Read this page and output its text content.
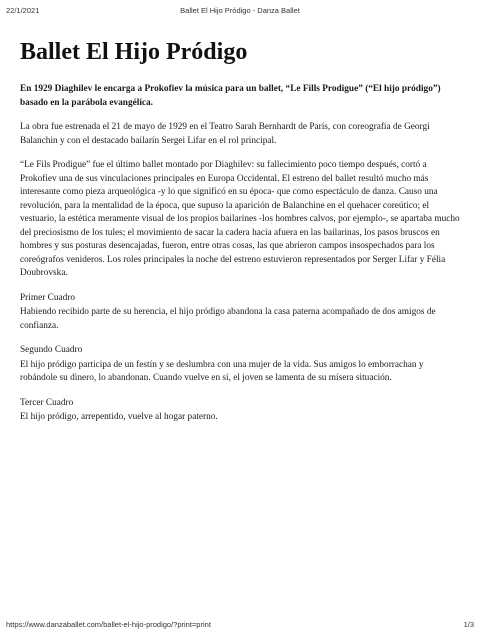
22/1/2021	Ballet El Hijo Pródigo - Danza Ballet
Ballet El Hijo Pródigo

En 1929 Diaghilev le encarga a Prokofiev la música para un ballet, “Le Fills Prodigue” (“El hijo pródigo”) basado en la parábola evangélica.

La obra fue estrenada el 21 de mayo de 1929 en el Teatro Sarah Bernhardt de París, con coreografía de Georgi Balanchin y con el destacado bailarín Sergei Lifar en el rol principal.

“Le Fils Prodigue” fue el último ballet montado por Diaghilev: su fallecimiento poco tiempo después, cortó a Prokofiev una de sus vinculaciones principales en Europa Occidental. El estreno del ballet resultó mucho más interesante como pieza arqueológica -y lo que significó en su época- que como espectáculo de danza. Causo una revolución, para la mentalidad de la época, que supuso la aparición de Balanchine en el quehacer coreútico; el vestuario, la estética meramente visual de los propios bailarines -los hombres calvos, por ejemplo-, se apartaba mucho del preciosismo de los tules; el movimiento de sacar la cadera hacia afuera en las bailarinas, los pasos bruscos en hombres y sus posturas desencajadas, fueron, entre otras cosas, las que abrieron campos insospechados para los coreógrafos venideros. Los roles principales la noche del estreno estuvieron representados por Serger Lifar y Félia Doubrovska.

Primer Cuadro

Habiendo recibido parte de su herencia, el hijo pródigo abandona la casa paterna acompañado de dos amigos de confianza.

Segundo Cuadro

El hijo pródigo participa de un festín y se deslumbra con una mujer de la vida. Sus amigos lo emborrachan y robándole su dinero, lo abandonan. Cuando vuelve en sí, el joven se lamenta de su mísera situación.

Tercer Cuadro

El hijo pródigo, arrepentido, vuelve al hogar paterno.

https://www.danzaballet.com/ballet-el-hijo-prodigo/?print=print	1/3
